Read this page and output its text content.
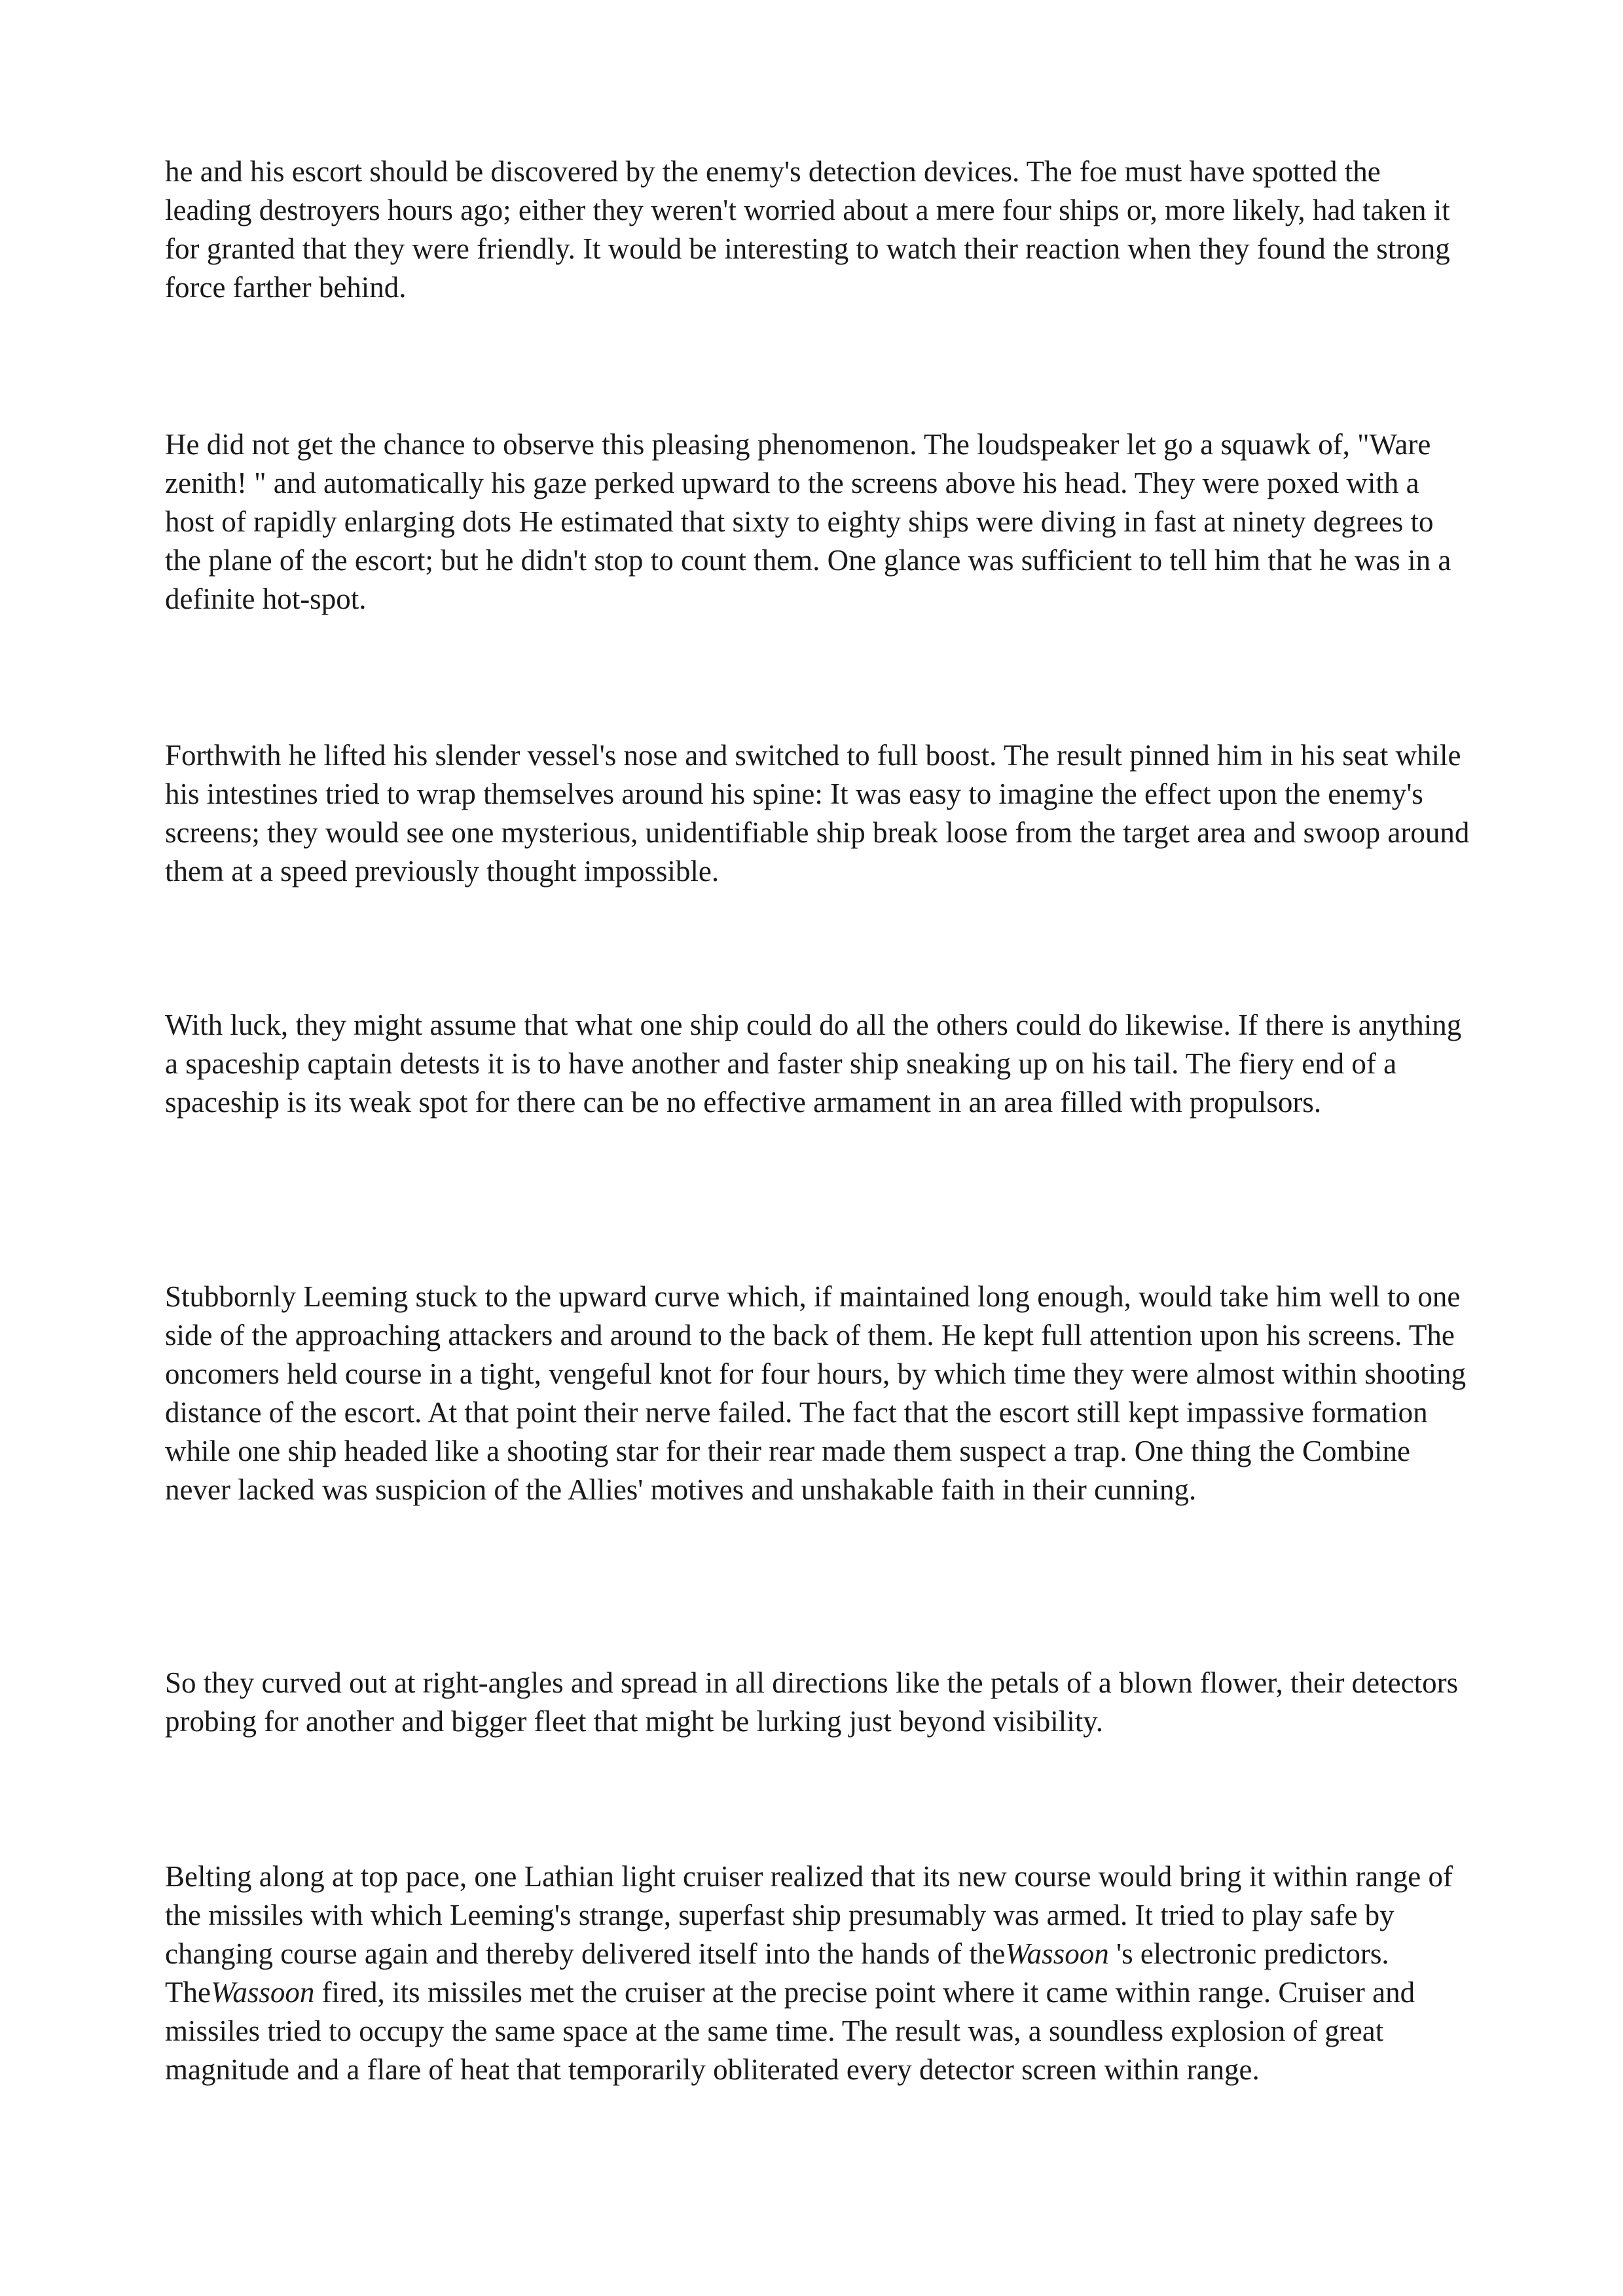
he and his escort should be discovered by the enemy's detection devices. The foe must have spotted the leading destroyers hours ago; either they weren't worried about a mere four ships or, more likely, had taken it for granted that they were friendly. It would be interesting to watch their reaction when they found the strong force farther behind.

He did not get the chance to observe this pleasing phenomenon. The loudspeaker let go a squawk of, "Ware zenith! " and automatically his gaze perked upward to the screens above his head. They were poxed with a host of rapidly enlarging dots He estimated that sixty to eighty ships were diving in fast at ninety degrees to the plane of the escort; but he didn't stop to count them. One glance was sufficient to tell him that he was in a definite hot-spot.

Forthwith he lifted his slender vessel's nose and switched to full boost. The result pinned him in his seat while his intestines tried to wrap themselves around his spine: It was easy to imagine the effect upon the enemy's screens; they would see one mysterious, unidentifiable ship break loose from the target area and swoop around them at a speed previously thought impossible.

With luck, they might assume that what one ship could do all the others could do likewise. If there is anything a spaceship captain detests it is to have another and faster ship sneaking up on his tail. The fiery end of a spaceship is its weak spot for there can be no effective armament in an area filled with propulsors.

Stubbornly Leeming stuck to the upward curve which, if maintained long enough, would take him well to one side of the approaching attackers and around to the back of them. He kept full attention upon his screens. The oncomers held course in a tight, vengeful knot for four hours, by which time they were almost within shooting distance of the escort. At that point their nerve failed. The fact that the escort still kept impassive formation while one ship headed like a shooting star for their rear made them suspect a trap. One thing the Combine never lacked was suspicion of the Allies' motives and unshakable faith in their cunning.

So they curved out at right-angles and spread in all directions like the petals of a blown flower, their detectors probing for another and bigger fleet that might be lurking just beyond visibility.

Belting along at top pace, one Lathian light cruiser realized that its new course would bring it within range of the missiles with which Leeming's strange, superfast ship presumably was armed. It tried to play safe by changing course again and thereby delivered itself into the hands of theWassoon 's electronic predictors. TheWassoon fired, its missiles met the cruiser at the precise point where it came within range. Cruiser and missiles tried to occupy the same space at the same time. The result was, a soundless explosion of great magnitude and a flare of heat that temporarily obliterated every detector screen within range.
